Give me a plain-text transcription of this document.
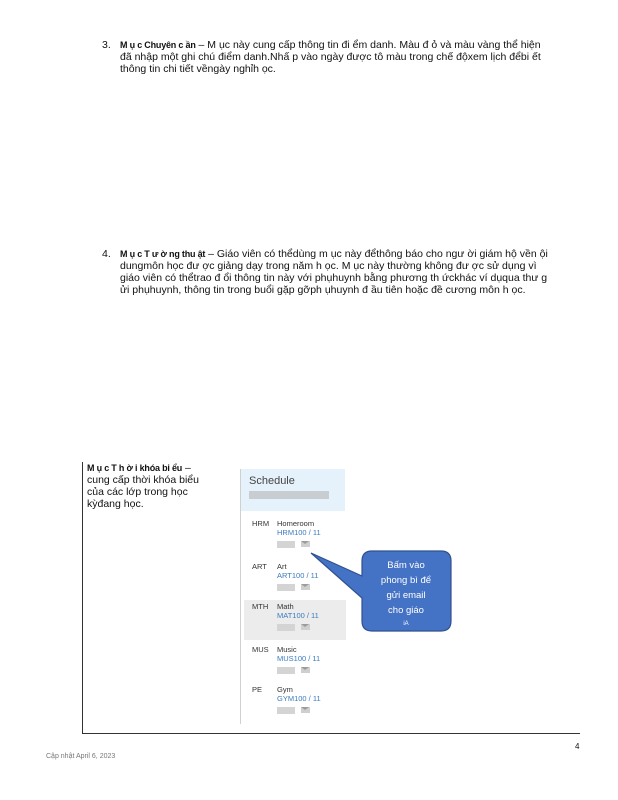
3.	M ụ c Chuyên c ần – M ục này cung cấp thông tin đi ểm danh. Màu đ ỏ và màu vàng thể hiện đã nhập một ghi chú điểm danh.Nhấ p vào ngày được tô màu trong chế độxem lịch đểbi ết thông tin chi tiết vềngày nghỉh ọc.
4.	M ụ c T ư ờ ng thu ật – Giáo viên có thểdùng m ục này đểthông báo cho ngư ời giám hộ vền ội dungmôn học đư ợc giảng dạy trong năm h ọc. M ục này thường không đư ợc sử dụng vì giáo viên có thểtrao đ ổi thông tin này với phụhuynh bằng phương th ứckhác ví dụqua thư g ửi phụhuynh, thông tin trong buổi gặp gỡph ụhuynh đ ầu tiên hoặc đề cương môn h ọc.
M ụ c T h ờ i khóa bi ểu – cung cấp thời khóa biểu của các lớp trong học kỳđang học.
Schedule
HRM Homeroom
HRM100 / 11
ART Art
ART100 / 11
MTH Math
MAT100 / 11
MUS Music
MUS100 / 11
PE Gym
GYM100 / 11
Bấm vào
phong bì để
gửi email
cho giáo
iA
4
Cập nhật April 6, 2023
